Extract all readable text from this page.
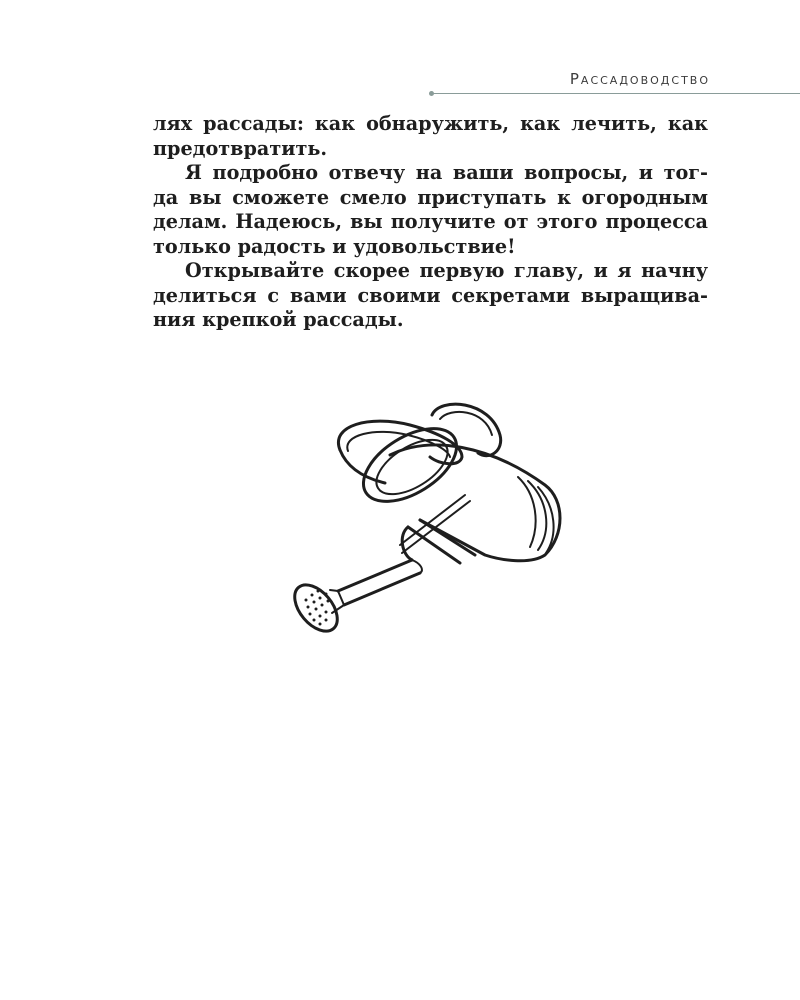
Рассадоводство
ляx рассады: как обнаружить, как лечить, как
предотвратить.
Я подробно отвечу на ваши вопросы, и тог-
да вы сможете смело приступать к огородным
делам. Надеюсь, вы получите от этого процесса
только радость и удовольствие!
Открывайте скорее первую главу, и я начну
делиться с вами своими секретами выращива-
ния крепкой рассады.
